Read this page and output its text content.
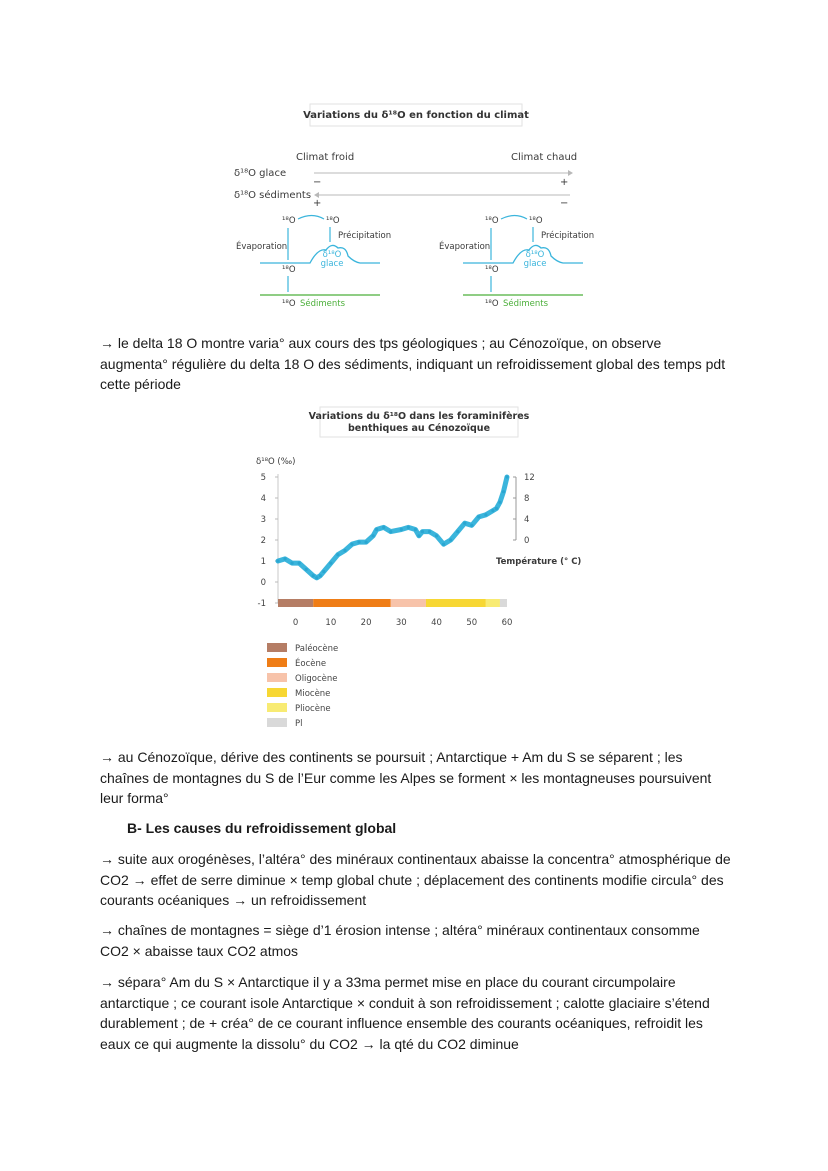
Variations du δ¹⁸O en fonction du climat
Climat froid	Climat chaud
δ¹⁸O glace
−	+
δ¹⁸O sédiments
+	−
¹⁸O	¹⁸O
Évaporation
Précipitation
δ¹⁸O
glace
¹⁸O
¹⁸O Sédiments
¹⁸O	¹⁸O
Évaporation
Précipitation
δ¹⁸O
glace
¹⁸O
¹⁸O Sédiments

→ le delta 18 O montre varia° aux cours des tps géologiques ; au Cénozoïque, on observe augmenta° régulière du delta 18 O des sédiments, indiquant un refroidissement global des temps pdt cette période

Variations du δ¹⁸O dans les foraminifères
benthiques au Cénozoïque
δ¹⁸O (‰)
Température (° C)
5
4
3
2
1
0
-1
12
8
4
0
0	10	20	30	40	50	60
Paléocène
Éocène
Oligocène
Miocène
Pliocène
Pl

→ au Cénozoïque, dérive des continents se poursuit ; Antarctique + Am du S se séparent ; les chaînes de montagnes du S de l’Eur comme les Alpes se forment × les montagneuses poursuivent leur forma°

B- Les causes du refroidissement global

→ suite aux orogénèses, l’altéra° des minéraux continentaux abaisse la concentra° atmosphérique de CO2 → effet de serre diminue × temp global chute ; déplacement des continents modifie circula° des courants océaniques → un refroidissement

→ chaînes de montagnes = siège d’1 érosion intense ; altéra° minéraux continentaux consomme CO2 × abaisse taux CO2 atmos

→ sépara° Am du S × Antarctique il y a 33ma permet mise en place du courant circumpolaire antarctique ; ce courant isole Antarctique × conduit à son refroidissement ; calotte glaciaire s’étend durablement ; de + créa° de ce courant influence ensemble des courants océaniques, refroidit les eaux ce qui augmente la dissolu° du CO2 → la qté du CO2 diminue
